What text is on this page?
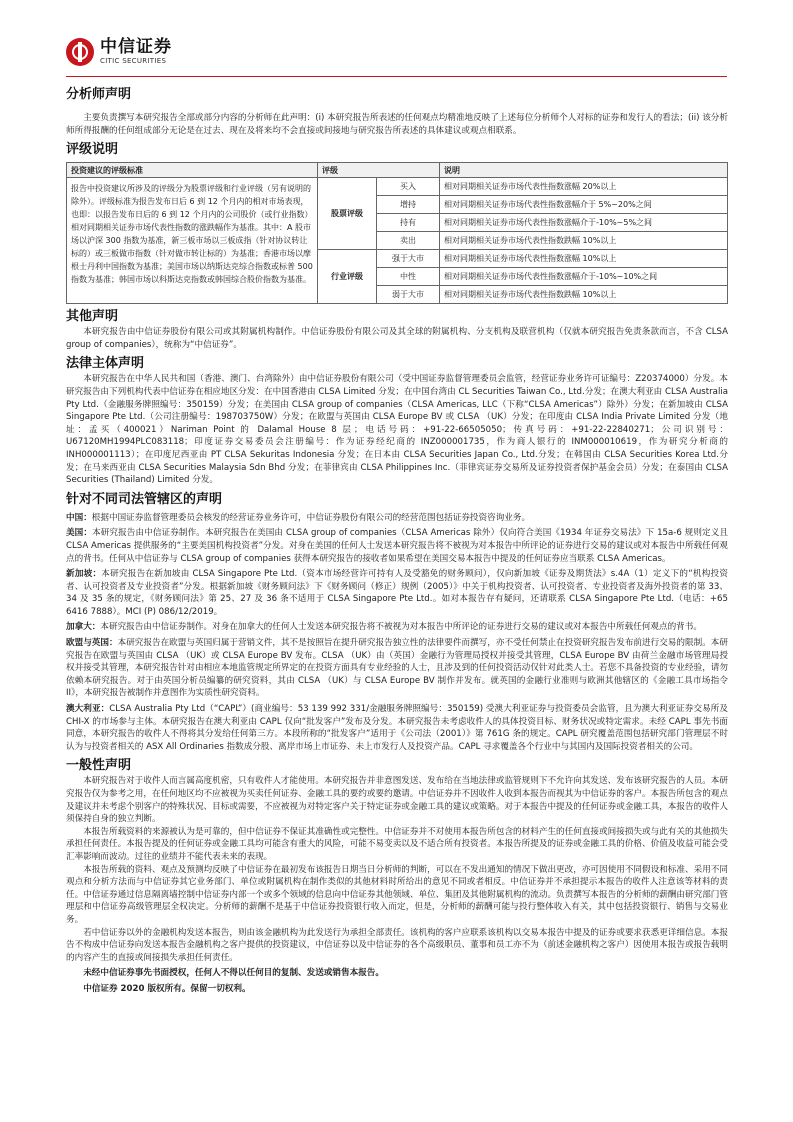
中信证券
CITIC SECURITIES
分析师声明

主要负责撰写本研究报告全部或部分内容的分析师在此声明：(i) 本研究报告所表述的任何观点均精准地反映了上述每位分析师个人对标的证券和发行人的看法；(ii) 该分析师所得报酬的任何组成部分无论是在过去、现在及将来均不会直接或间接地与研究报告所表述的具体建议或观点相联系。

评级说明
投资建议的评级标准	评级		说明
报告中投资建议所涉及的评级分为股票评级和行业评级（另有说明的除外）。评级标准为报告发布日后 6 到 12 个月内的相对市场表现，也即：以报告发布日后的 6 到 12 个月内的公司股价（或行业指数）相对同期相关证券市场代表性指数的涨跌幅作为基准。其中：A 股市场以沪深 300 指数为基准，新三板市场以三板成指（针对协议转让标的）或三板做市指数（针对做市转让标的）为基准；香港市场以摩根士丹利中国指数为基准；美国市场以纳斯达克综合指数或标普 500 指数为基准；韩国市场以科斯达克指数或韩国综合股价指数为基准。	股票评级	买入	相对同期相关证券市场代表性指数涨幅 20%以上
		增持	相对同期相关证券市场代表性指数涨幅介于 5%~20%之间
		持有	相对同期相关证券市场代表性指数涨幅介于-10%~5%之间
		卖出	相对同期相关证券市场代表性指数跌幅 10%以上
	行业评级	强于大市	相对同期相关证券市场代表性指数涨幅 10%以上
		中性	相对同期相关证券市场代表性指数涨幅介于-10%~10%之间
		弱于大市	相对同期相关证券市场代表性指数跌幅 10%以上
其他声明

本研究报告由中信证券股份有限公司或其附属机构制作。中信证券股份有限公司及其全球的附属机构、分支机构及联营机构（仅就本研究报告免责条款而言，不含 CLSA group of companies），统称为“中信证券”。

法律主体声明

本研究报告在中华人民共和国（香港、澳门、台湾除外）由中信证券股份有限公司（受中国证券监督管理委员会监管，经营证券业务许可证编号：Z20374000）分发。本研究报告由下列机构代表中信证券在相应地区分发：在中国香港由 CLSA Limited 分发；在中国台湾由 CL Securities Taiwan Co., Ltd.分发；在澳大利亚由 CLSA Australia Pty Ltd.（金融服务牌照编号：350159）分发；在美国由 CLSA group of companies（CLSA Americas, LLC（下称“CLSA Americas”）除外）分发；在新加坡由 CLSA Singapore Pte Ltd.（公司注册编号：198703750W）分发；在欧盟与英国由 CLSA Europe BV 或 CLSA （UK）分发；在印度由 CLSA India Private Limited 分发（地址：孟买（400021）Nariman Point 的 Dalamal House 8 层；电话号码：+91-22-66505050；传真号码：+91-22-22840271；公司识别号：U67120MH1994PLC083118；印度证券交易委员会注册编号：作为证券经纪商的 INZ000001735，作为商人银行的 INM000010619，作为研究分析商的 INH000001113）；在印度尼西亚由 PT CLSA Sekuritas Indonesia 分发；在日本由 CLSA Securities Japan Co., Ltd.分发；在韩国由 CLSA Securities Korea Ltd.分发；在马来西亚由 CLSA Securities Malaysia Sdn Bhd 分发；在菲律宾由 CLSA Philippines Inc.（菲律宾证券交易所及证券投资者保护基金会员）分发；在泰国由 CLSA Securities (Thailand) Limited 分发。

针对不同司法管辖区的声明

中国：根据中国证券监督管理委员会核发的经营证券业务许可，中信证券股份有限公司的经营范围包括证券投资咨询业务。

美国：本研究报告由中信证券制作。本研究报告在美国由 CLSA group of companies（CLSA Americas 除外）仅向符合美国《1934 年证券交易法》下 15a-6 规则定义且 CLSA Americas 提供服务的“主要美国机构投资者”分发。对身在美国的任何人士发送本研究报告将不被视为对本报告中所评论的证券进行交易的建议或对本报告中所载任何观点的背书。任何从中信证券与 CLSA group of companies 获得本研究报告的接收者如果希望在美国交易本报告中提及的任何证券应当联系 CLSA Americas。

新加坡：本研究报告在新加坡由 CLSA Singapore Pte Ltd.（资本市场经营许可持有人及受豁免的财务顾问），仅向新加坡《证券及期货法》s.4A（1）定义下的“机构投资者、认可投资者及专业投资者”分发。根据新加坡《财务顾问法》下《财务顾问（修正）规例（2005）》中关于机构投资者、认可投资者、专业投资者及海外投资者的第 33、34 及 35 条的规定，《财务顾问法》第 25、27 及 36 条不适用于 CLSA Singapore Pte Ltd.。如对本报告存有疑问，还请联系 CLSA Singapore Pte Ltd.（电话：+65 6416 7888）。MCI (P) 086/12/2019。

加拿大：本研究报告由中信证券制作。对身在加拿大的任何人士发送本研究报告将不被视为对本报告中所评论的证券进行交易的建议或对本报告中所载任何观点的背书。

欧盟与英国：本研究报告在欧盟与英国归属于营销文件，其不是按照旨在提升研究报告独立性的法律要件而撰写，亦不受任何禁止在投资研究报告发布前进行交易的限制。本研究报告在欧盟与英国由 CLSA （UK）或 CLSA Europe BV 发布。CLSA （UK）由（英国）金融行为管理局授权并接受其管理，CLSA Europe BV 由荷兰金融市场管理局授权并接受其管理，本研究报告针对由相应本地监管规定所界定的在投资方面具有专业经验的人士，且涉及到的任何投资活动仅针对此类人士。若您不具备投资的专业经验，请勿依赖本研究报告。对于由英国分析员编纂的研究资料，其由 CLSA （UK）与 CLSA Europe BV 制作并发布。就英国的金融行业准则与欧洲其他辖区的《金融工具市场指令 II》，本研究报告被制作并意图作为实质性研究资料。

澳大利亚：CLSA Australia Pty Ltd（“CAPL”）(商业编号：53 139 992 331/金融服务牌照编号：350159) 受澳大利亚证券与投资委员会监管，且为澳大利亚证券交易所及 CHI-X 的市场参与主体。本研究报告在澳大利亚由 CAPL 仅向“批发客户”发布及分发。本研究报告未考虑收件人的具体投资目标、财务状况或特定需求。未经 CAPL 事先书面同意，本研究报告的收件人不得将其分发给任何第三方。本段所称的“批发客户”适用于《公司法（2001）》第 761G 条的规定。CAPL 研究覆盖范围包括研究部门管理层不时认为与投资者相关的 ASX All Ordinaries 指数成分股、离岸市场上市证券、未上市发行人及投资产品。CAPL 寻求覆盖各个行业中与其国内及国际投资者相关的公司。

一般性声明

本研究报告对于收件人而言属高度机密，只有收件人才能使用。本研究报告并非意图发送、发布给在当地法律或监管规则下不允许向其发送、发布该研究报告的人员。本研究报告仅为参考之用，在任何地区均不应被视为买卖任何证券、金融工具的要约或要约邀请。中信证券并不因收件人收到本报告而视其为中信证券的客户。本报告所包含的观点及建议并未考虑个别客户的特殊状况、目标或需要，不应被视为对特定客户关于特定证券或金融工具的建议或策略。对于本报告中提及的任何证券或金融工具，本报告的收件人须保持自身的独立判断。

本报告所载资料的来源被认为是可靠的，但中信证券不保证其准确性或完整性。中信证券并不对使用本报告所包含的材料产生的任何直接或间接损失或与此有关的其他损失承担任何责任。本报告提及的任何证券或金融工具均可能含有重大的风险，可能不易变卖以及不适合所有投资者。本报告所提及的证券或金融工具的价格、价值及收益可能会受汇率影响而波动。过往的业绩并不能代表未来的表现。

本报告所载的资料、观点及预测均反映了中信证券在最初发布该报告日期当日分析师的判断，可以在不发出通知的情况下做出更改，亦可因使用不同假设和标准、采用不同观点和分析方法而与中信证券其它业务部门、单位或附属机构在制作类似的其他材料时所给出的意见不同或者相反。中信证券并不承担提示本报告的收件人注意该等材料的责任。中信证券通过信息隔离墙控制中信证券内部一个或多个领域的信息向中信证券其他领域、单位、集团及其他附属机构的流动。负责撰写本报告的分析师的薪酬由研究部门管理层和中信证券高级管理层全权决定。分析师的薪酬不是基于中信证券投资银行收入而定，但是，分析师的薪酬可能与投行整体收入有关，其中包括投资银行、销售与交易业务。

若中信证券以外的金融机构发送本报告，则由该金融机构为此发送行为承担全部责任。该机构的客户应联系该机构以交易本报告中提及的证券或要求获悉更详细信息。本报告不构成中信证券向发送本报告金融机构之客户提供的投资建议，中信证券以及中信证券的各个高级职员、董事和员工亦不为（前述金融机构之客户）因使用本报告或报告载明的内容产生的直接或间接损失承担任何责任。

未经中信证券事先书面授权，任何人不得以任何目的复制、发送或销售本报告。

中信证券 2020 版权所有。保留一切权利。
